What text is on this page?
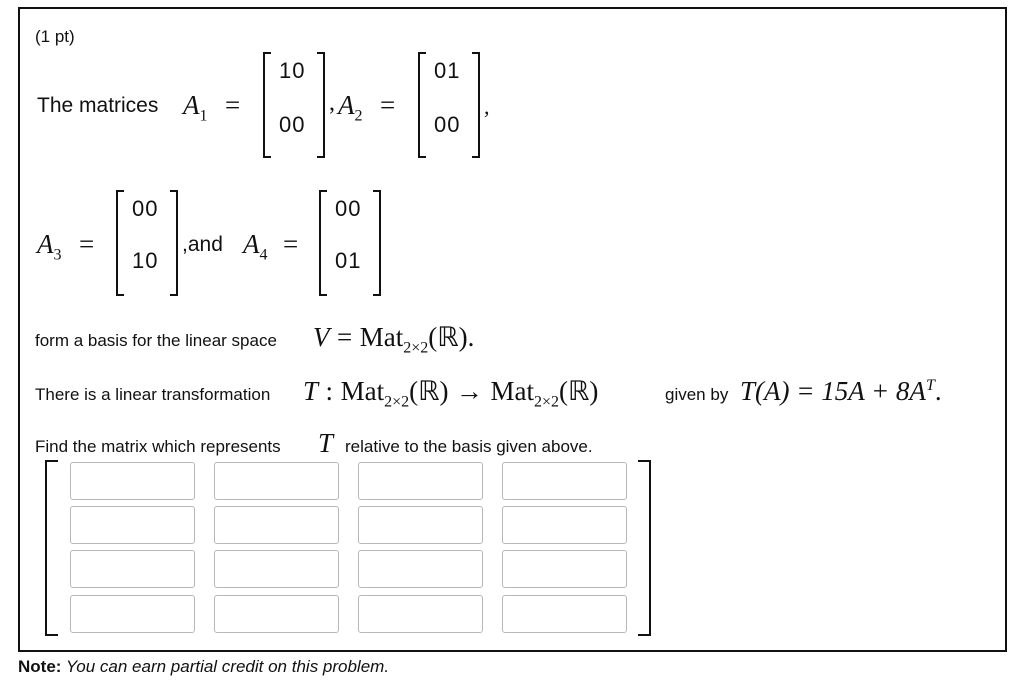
(1 pt)
The matrices $A_1$ =
10
00
, $A_2$ =
01
00
,
$A_3$ =
00
10
,and $A_4$ =
00
01
form a basis for the linear space V = Mat$_{2\times 2}$(ℝ).
There is a linear transformation T : Mat$_{2\times 2}$(ℝ) → Mat$_{2\times 2}$(ℝ)	given by $T(A) = 15A + 8A^T$.
Find the matrix which represents T relative to the basis given above.
Note: You can earn partial credit on this problem.
